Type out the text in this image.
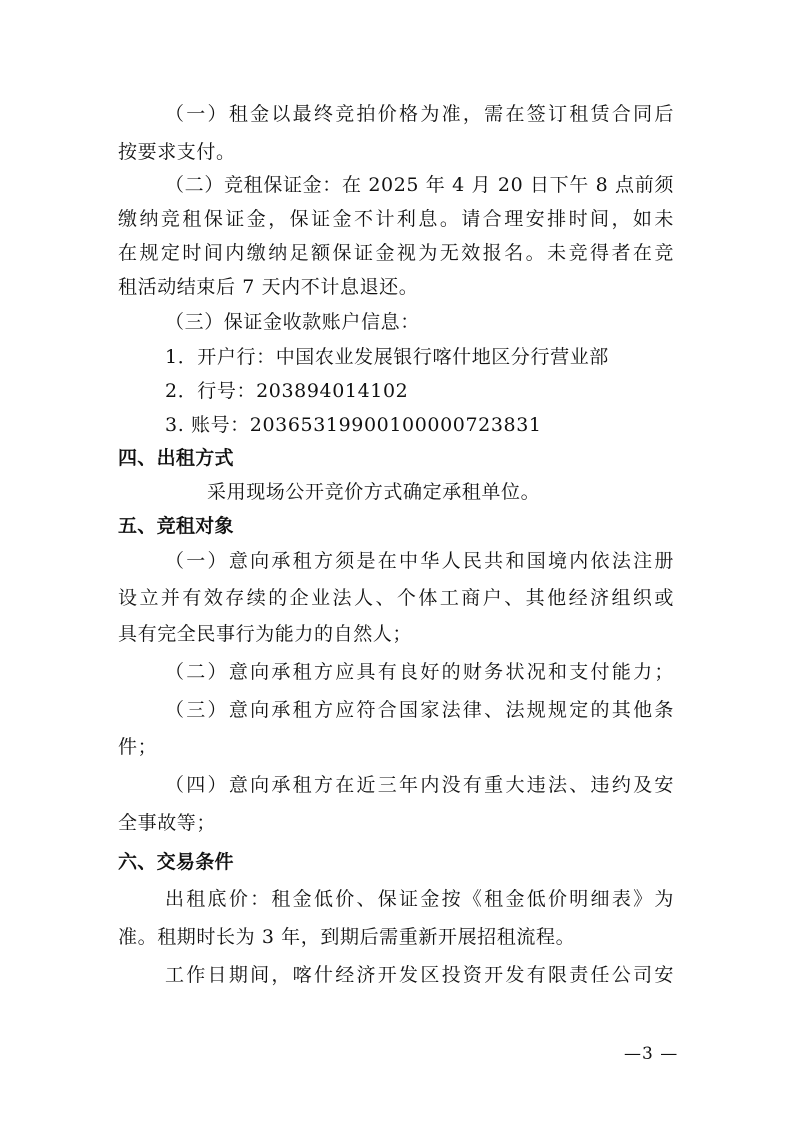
（一）租金以最终竞拍价格为准，需在签订租赁合同后
按要求支付。
（二）竞租保证金：在 2025 年 4 月 20 日下午 8 点前须
缴纳竞租保证金，保证金不计利息。请合理安排时间，如未
在规定时间内缴纳足额保证金视为无效报名。未竞得者在竞
租活动结束后 7 天内不计息退还。
（三）保证金收款账户信息：
1．开户行：中国农业发展银行喀什地区分行营业部
2．行号：203894014102
3. 账号：20365319900100000723831
四、出租方式
采用现场公开竞价方式确定承租单位。
五、竞租对象
（一）意向承租方须是在中华人民共和国境内依法注册
设立并有效存续的企业法人、个体工商户、其他经济组织或
具有完全民事行为能力的自然人；
（二）意向承租方应具有良好的财务状况和支付能力；
（三）意向承租方应符合国家法律、法规规定的其他条
件；
（四）意向承租方在近三年内没有重大违法、违约及安
全事故等；
六、交易条件
出租底价：租金低价、保证金按《租金低价明细表》为
准。租期时长为 3 年，到期后需重新开展招租流程。
工作日期间，喀什经济开发区投资开发有限责任公司安
—3 —
